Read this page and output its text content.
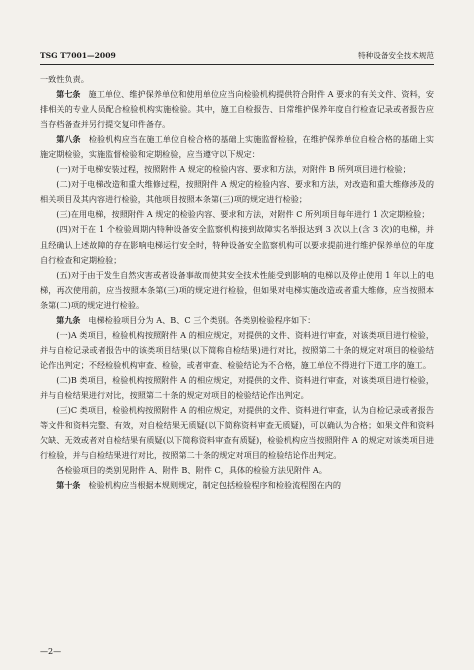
TSG T7001—2009	特种设备安全技术规范

一致性负责。

第七条　施工单位、维护保养单位和使用单位应当向检验机构提供符合附件 A 要求的有关文件、资料，安排相关的专业人员配合检验机构实施检验。其中，施工自检报告、日常维护保养年度自行检查记录或者报告应当存档备查并另行提交复印件备存。

第八条　检验机构应当在施工单位自检合格的基础上实施监督检验，在维护保养单位自检合格的基础上实施定期检验，实施监督检验和定期检验，应当遵守以下规定：

(一)对于电梯安装过程，按照附件 A 规定的检验内容、要求和方法，对附件 B 所列项目进行检验；

(二)对于电梯改造和重大维修过程，按照附件 A 规定的检验内容、要求和方法，对改造和重大维修涉及的相关项目及其内容进行检验，其他项目按照本条第(三)项的规定进行检验；

(三)在用电梯，按照附件 A 规定的检验内容、要求和方法，对附件 C 所列项目每年进行 1 次定期检验；

(四)对于在 1 个检验周期内特种设备安全监察机构接到故障实名举报达到 3 次以上(含 3 次)的电梯，并且经确认上述故障的存在影响电梯运行安全时，特种设备安全监察机构可以要求提前进行维护保养单位的年度自行检查和定期检验；

(五)对于由于发生自然灾害或者设备事故而使其安全技术性能受到影响的电梯以及停止使用 1 年以上的电梯，再次使用前，应当按照本条第(三)项的规定进行检验，但如果对电梯实施改造或者重大维修，应当按照本条第(二)项的规定进行检验。

第九条　电梯检验项目分为 A、B、C 三个类别。各类别检验程序如下：

(一)A 类项目，检验机构按照附件 A 的相应规定，对提供的文件、资料进行审查，对该类项目进行检验，并与自检记录或者报告中的该类项目结果(以下简称自检结果)进行对比，按照第二十条的规定对项目的检验结论作出判定；不经检验机构审查、检验，或者审查、检验结论为不合格，施工单位不得进行下道工序的施工。

(二)B 类项目，检验机构按照附件 A 的相应规定，对提供的文件、资料进行审查，对该类项目进行检验，并与自检结果进行对比，按照第二十条的规定对项目的检验结论作出判定。

(三)C 类项目，检验机构按照附件 A 的相应规定，对提供的文件、资料进行审查，认为自检记录或者报告等文件和资料完整、有效，对自检结果无质疑(以下简称资料审查无质疑)，可以确认为合格；如果文件和资料欠缺、无效或者对自检结果有质疑(以下简称资料审查有质疑)，检验机构应当按照附件 A 的规定对该类项目进行检验，并与自检结果进行对比，按照第二十条的规定对项目的检验结论作出判定。

各检验项目的类别见附件 A、附件 B、附件 C，具体的检验方法见附件 A。

第十条　检验机构应当根据本规则规定，制定包括检验程序和检验流程图在内的

—2—
